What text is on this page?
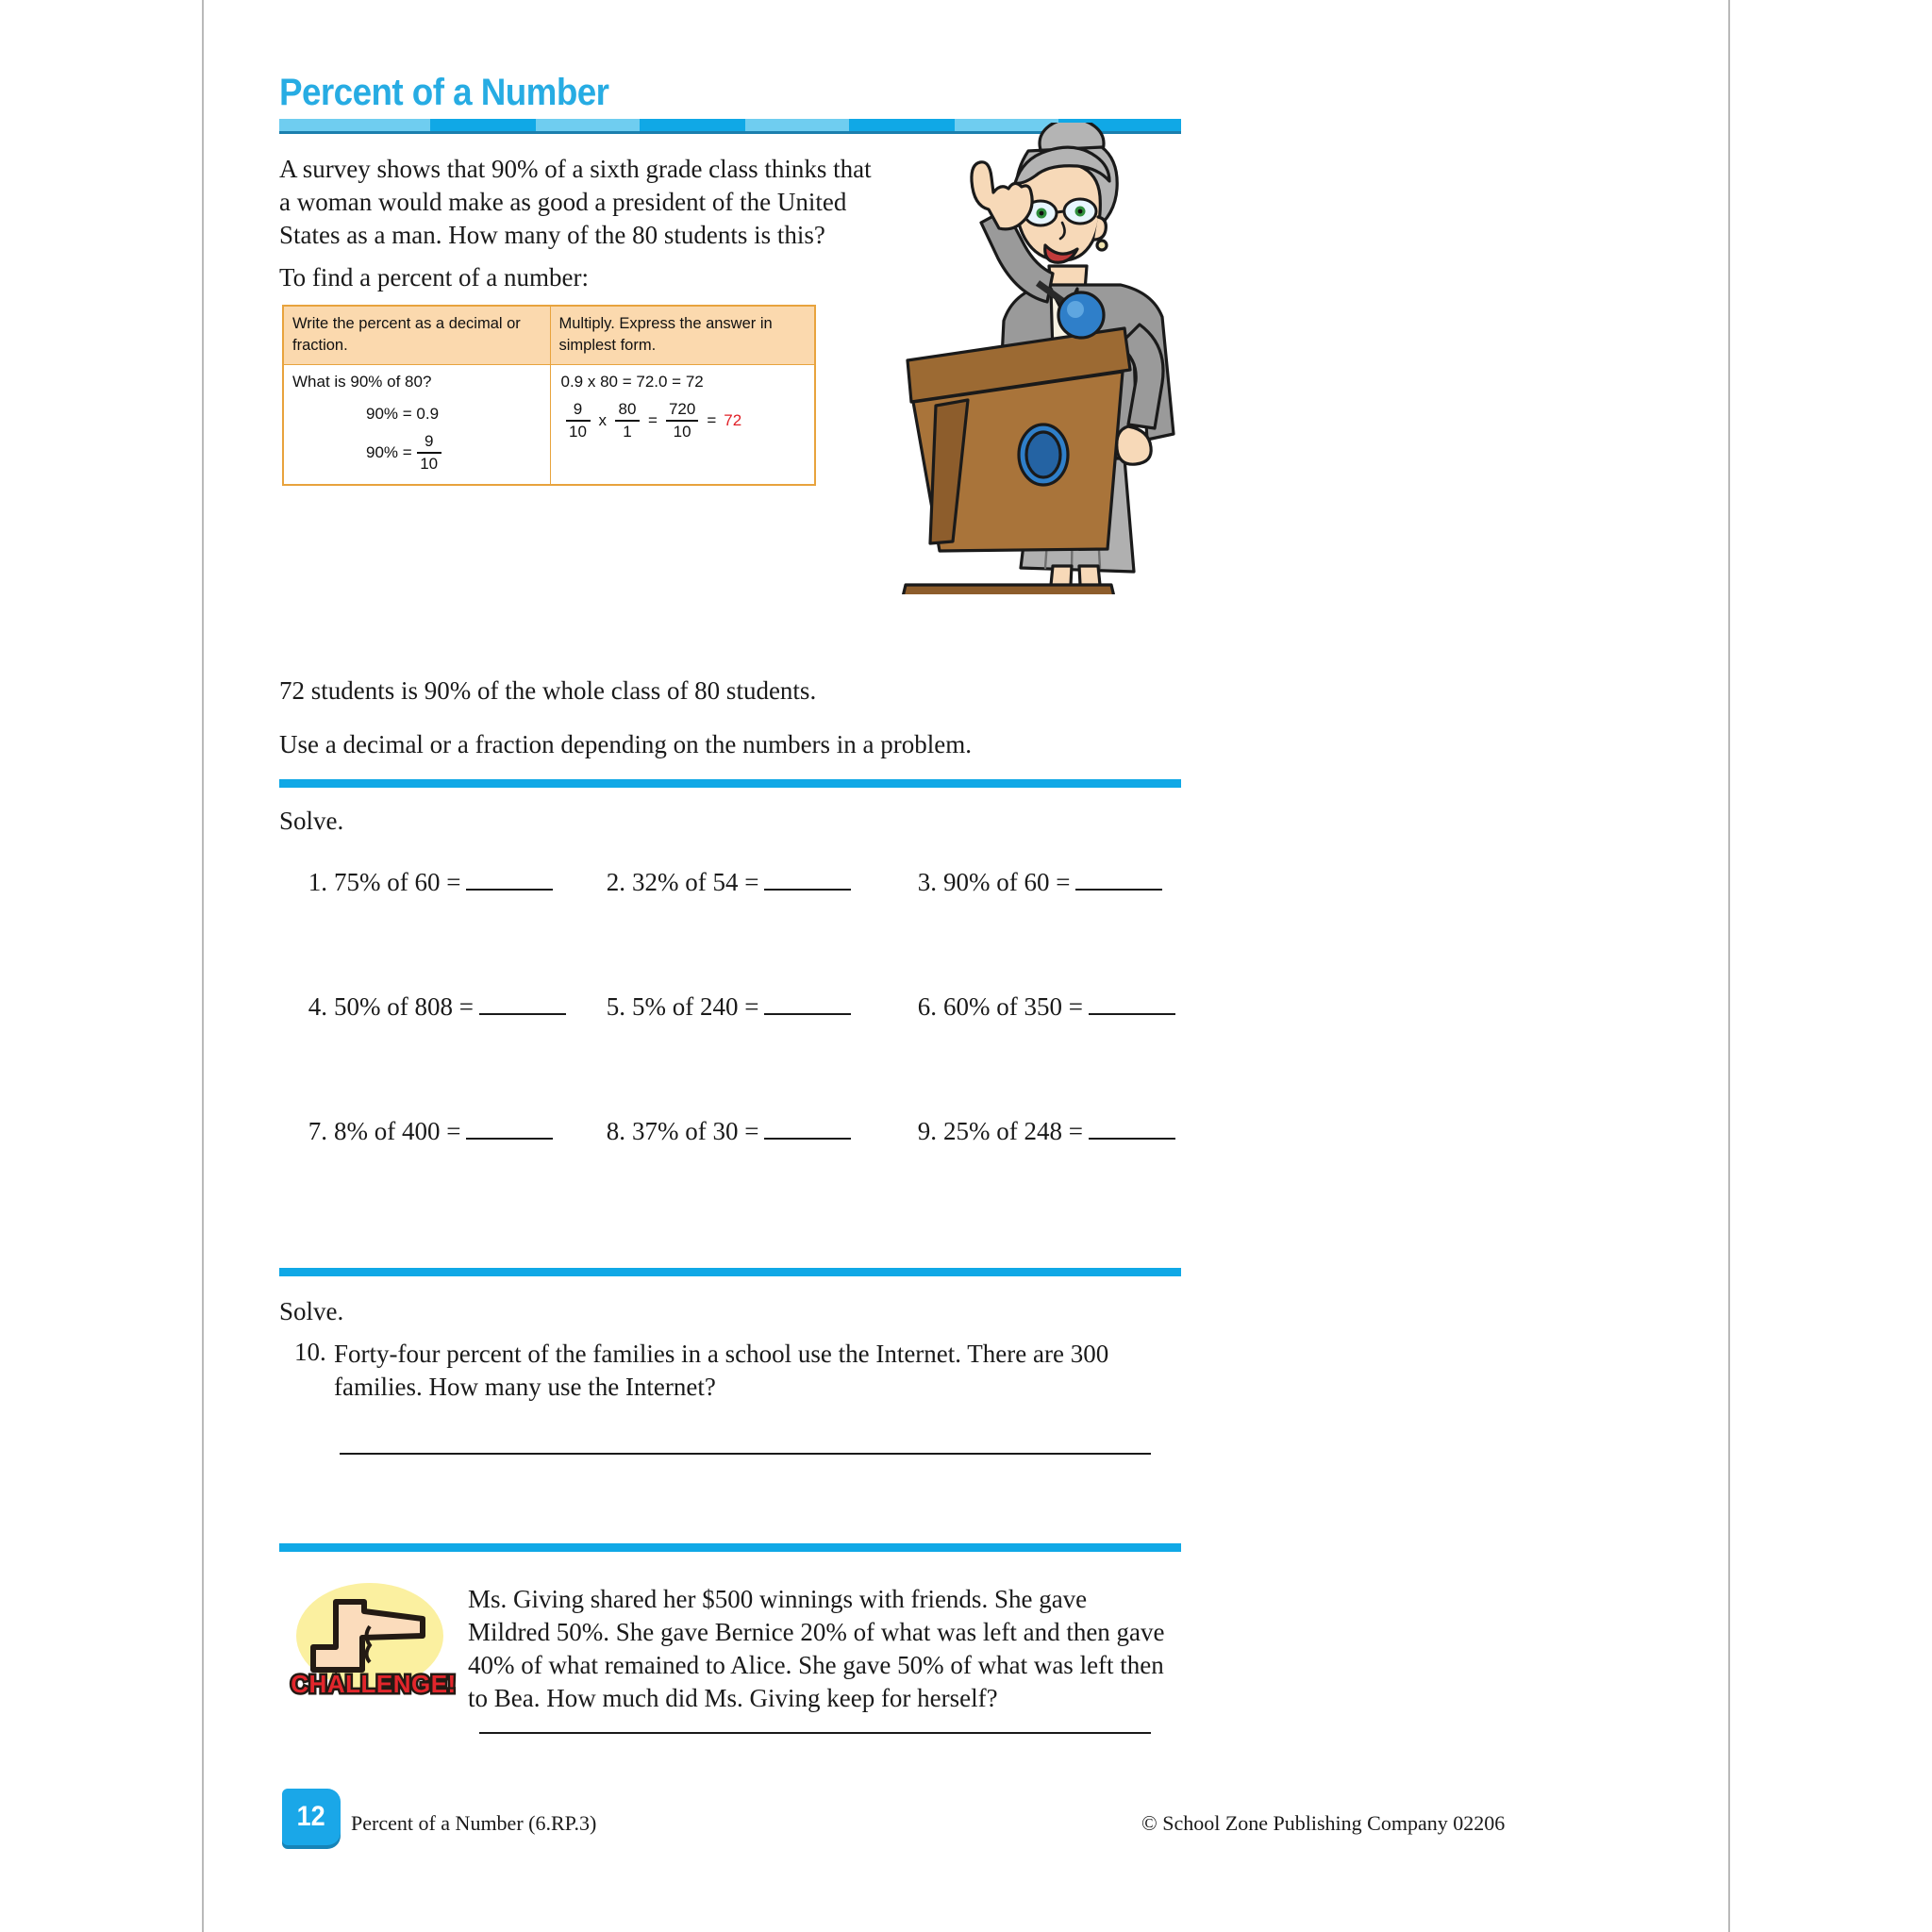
Percent of a Number
A survey shows that 90% of a sixth grade class thinks that a woman would make as good a president of the United States as a man. How many of the 80 students is this?
To find a percent of a number:
Write the percent as a decimal or fraction.	Multiply. Express the answer in simplest form.

What is 90% of 80?
90% = 0.9
$90\% = \frac{9}{10}$

0.9 x 80 = 72.0 = 72
$\frac{9}{10}$ x $\frac{80}{1} = \frac{720}{10} = 72$
72 students is 90% of the whole class of 80 students.
Use a decimal or a fraction depending on the numbers in a problem.
Solve.
1. 75% of 60 =	2. 32% of 54 =	3. 90% of 60 =
4. 50% of 808 =	5. 5% of 240 =	6. 60% of 350 =
7. 8% of 400 =	8. 37% of 30 =	9. 25% of 248 =
Solve.
10. Forty-four percent of the families in a school use the Internet. There are 300 families. How many use the Internet?
CHALLENGE!
Ms. Giving shared her $500 winnings with friends. She gave Mildred 50%. She gave Bernice 20% of what was left and then gave 40% of what remained to Alice. She gave 50% of what was left then to Bea. How much did Ms. Giving keep for herself?
12 Percent of a Number (6.RP.3)	© School Zone Publishing Company 02206
